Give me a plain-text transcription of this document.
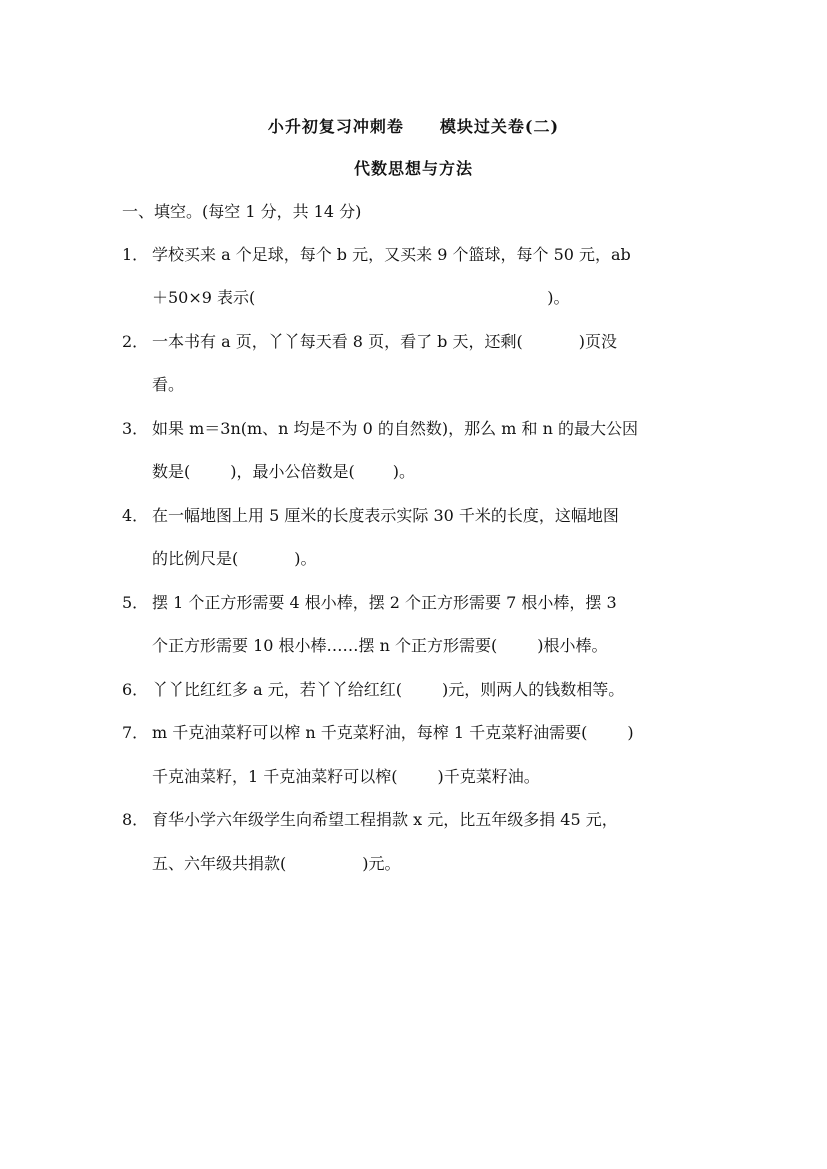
小升初复习冲刺卷 模块过关卷(二)
代数思想与方法
一、填空。(每空 1 分，共 14 分)
1． 学校买来 a 个足球，每个 b 元，又买来 9 个篮球，每个 50 元，ab
＋50×9 表示(	)。
2． 一本书有 a 页，丫丫每天看 8 页，看了 b 天，还剩(	)页没
看。
3． 如果 m＝3n(m、n 均是不为 0 的自然数)，那么 m 和 n 的最大公因
数是(	)，最小公倍数是( )。
4． 在一幅地图上用 5 厘米的长度表示实际 30 千米的长度，这幅地图
的比例尺是(	)。
5． 摆 1 个正方形需要 4 根小棒，摆 2 个正方形需要 7 根小棒，摆 3
个正方形需要 10 根小棒……摆 n 个正方形需要(	)根小棒。
6． 丫丫比红红多 a 元，若丫丫给红红(	)元，则两人的钱数相等。
7． m 千克油菜籽可以榨 n 千克菜籽油，每榨 1 千克菜籽油需要(	)
千克油菜籽，1 千克油菜籽可以榨(	)千克菜籽油。
8． 育华小学六年级学生向希望工程捐款 x 元，比五年级多捐 45 元，
五、六年级共捐款(	)元。
